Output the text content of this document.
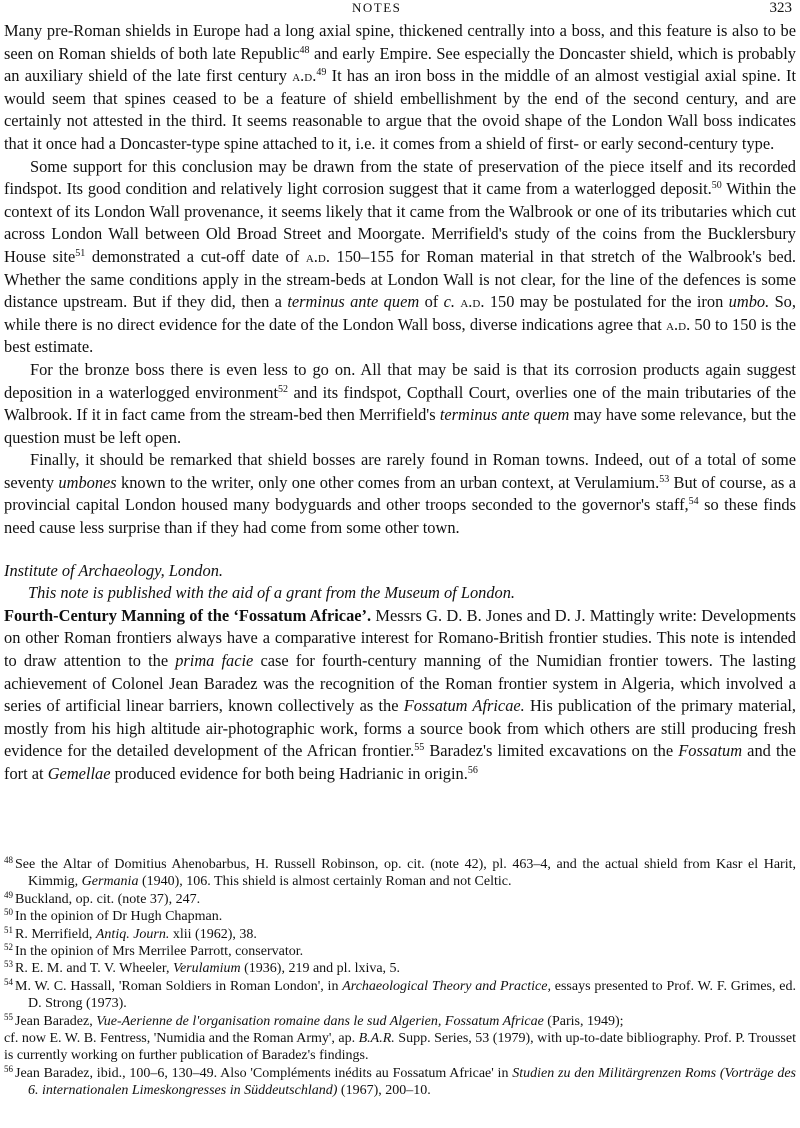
NOTES	323

Many pre-Roman shields in Europe had a long axial spine, thickened centrally into a boss, and this feature is also to be seen on Roman shields of both late Republic$^{48}$ and early Empire. See especially the Doncaster shield, which is probably an auxiliary shield of the late first century a.d.$^{49}$ It has an iron boss in the middle of an almost vestigial axial spine. It would seem that spines ceased to be a feature of shield embellishment by the end of the second century, and are certainly not attested in the third. It seems reasonable to argue that the ovoid shape of the London Wall boss indicates that it once had a Doncaster-type spine attached to it, i.e. it comes from a shield of first- or early second-century type.

Some support for this conclusion may be drawn from the state of preservation of the piece itself and its recorded findspot. Its good condition and relatively light corrosion suggest that it came from a waterlogged deposit.$^{50}$ Within the context of its London Wall provenance, it seems likely that it came from the Walbrook or one of its tributaries which cut across London Wall between Old Broad Street and Moorgate. Merrifield's study of the coins from the Bucklersbury House site$^{51}$ demonstrated a cut-off date of a.d. 150–155 for Roman material in that stretch of the Walbrook's bed. Whether the same conditions apply in the stream-beds at London Wall is not clear, for the line of the defences is some distance upstream. But if they did, then a terminus ante quem of c. a.d. 150 may be postulated for the iron umbo. So, while there is no direct evidence for the date of the London Wall boss, diverse indications agree that a.d. 50 to 150 is the best estimate.

For the bronze boss there is even less to go on. All that may be said is that its corrosion products again suggest deposition in a waterlogged environment$^{52}$ and its findspot, Copthall Court, overlies one of the main tributaries of the Walbrook. If it in fact came from the stream-bed then Merrifield's terminus ante quem may have some relevance, but the question must be left open.

Finally, it should be remarked that shield bosses are rarely found in Roman towns. Indeed, out of a total of some seventy umbones known to the writer, only one other comes from an urban context, at Verulamium.$^{53}$ But of course, as a provincial capital London housed many bodyguards and other troops seconded to the governor's staff,$^{54}$ so these finds need cause less surprise than if they had come from some other town.

Institute of Archaeology, London.
This note is published with the aid of a grant from the Museum of London.

Fourth-Century Manning of the ‘Fossatum Africae’. Messrs G. D. B. Jones and D. J. Mattingly write: Developments on other Roman frontiers always have a comparative interest for Romano-British frontier studies. This note is intended to draw attention to the prima facie case for fourth-century manning of the Numidian frontier towers. The lasting achievement of Colonel Jean Baradez was the recognition of the Roman frontier system in Algeria, which involved a series of artificial linear barriers, known collectively as the Fossatum Africae. His publication of the primary material, mostly from his high altitude air-photographic work, forms a source book from which others are still producing fresh evidence for the detailed development of the African frontier.$^{55}$ Baradez's limited excavations on the Fossatum and the fort at Gemellae produced evidence for both being Hadrianic in origin.$^{56}$

$^{48}$ See the Altar of Domitius Ahenobarbus, H. Russell Robinson, op. cit. (note 42), pl. 463–4, and the actual shield from Kasr el Harit, Kimmig, Germania (1940), 106. This shield is almost certainly Roman and not Celtic.

$^{49}$ Buckland, op. cit. (note 37), 247.

$^{50}$ In the opinion of Dr Hugh Chapman.

$^{51}$ R. Merrifield, Antiq. Journ. xlii (1962), 38.

$^{52}$ In the opinion of Mrs Merrilee Parrott, conservator.

$^{53}$ R. E. M. and T. V. Wheeler, Verulamium (1936), 219 and pl. lxiva, 5.

$^{54}$ M. W. C. Hassall, 'Roman Soldiers in Roman London', in Archaeological Theory and Practice, essays presented to Prof. W. F. Grimes, ed. D. Strong (1973).

$^{55}$ Jean Baradez, Vue-Aerienne de l'organisation romaine dans le sud Algerien, Fossatum Africae (Paris, 1949);

cf. now E. W. B. Fentress, 'Numidia and the Roman Army', ap. B.A.R. Supp. Series, 53 (1979), with up-to-date bibliography. Prof. P. Trousset is currently working on further publication of Baradez's findings.

$^{56}$ Jean Baradez, ibid., 100–6, 130–49. Also 'Compléments inédits au Fossatum Africae' in Studien zu den Militärgrenzen Roms (Vorträge des 6. internationalen Limeskongresses in Süddeutschland) (1967), 200–10.
